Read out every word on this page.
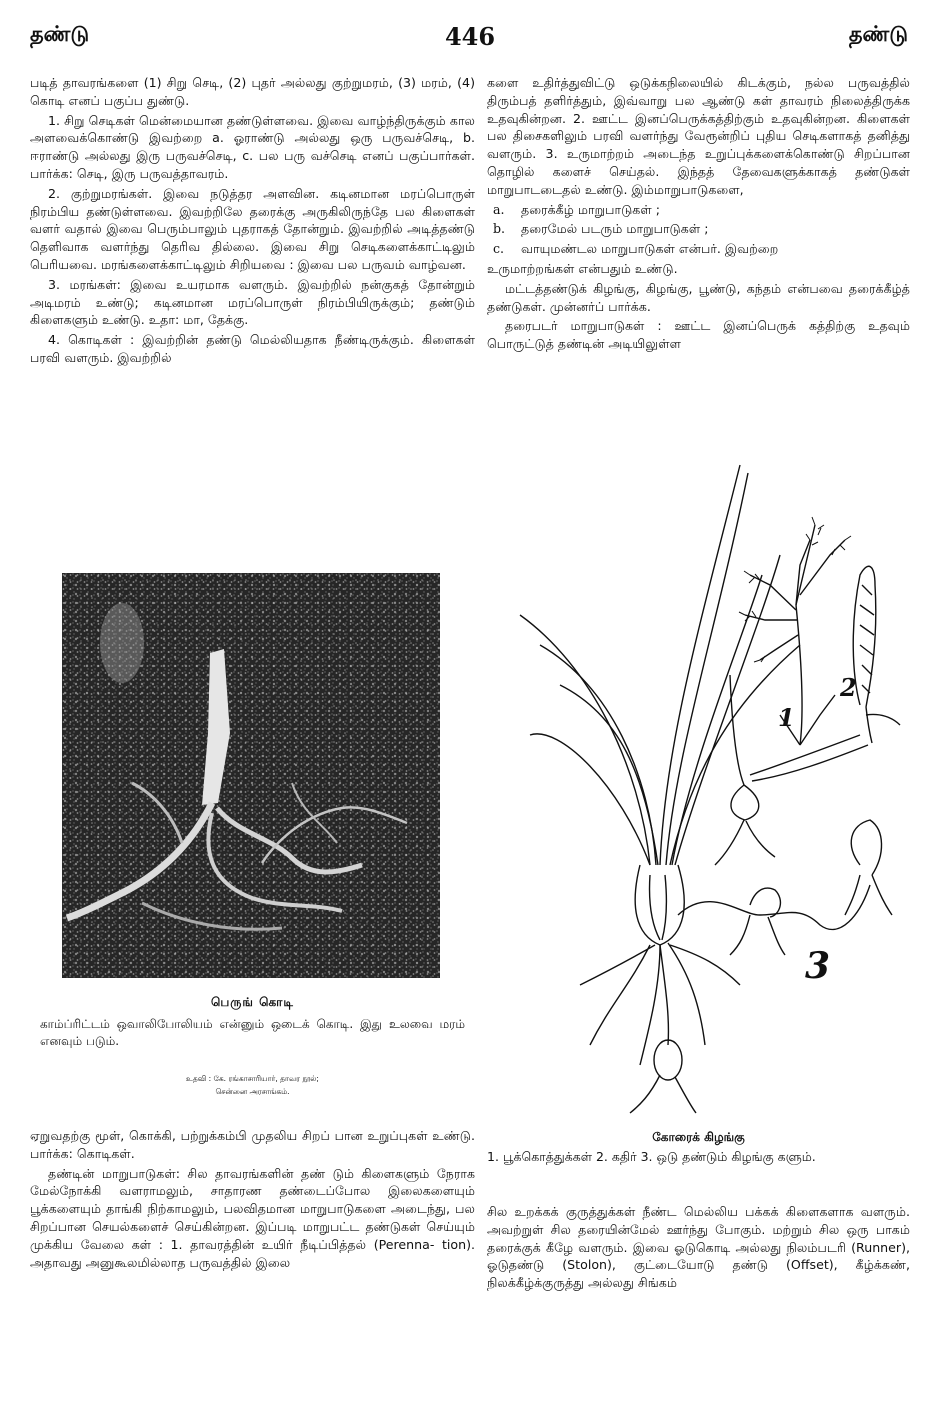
தண்டு	446	தண்டு

படித் தாவரங்களை (1) சிறு செடி, (2) புதர் அல்லது குற்றுமரம், (3) மரம், (4) கொடி எனப் பகுப்ப துண்டு.

1. சிறு செடிகள் மென்மையான தண்டுள்ளவை. இவை வாழ்ந்திருக்கும் கால அளவைக்கொண்டு இவற்றை a. ஓராண்டு அல்லது ஒரு பருவச்செடி, b. ஈராண்டு அல்லது இரு பருவச்செடி, c. பல பரு வச்செடி எனப் பகுப்பார்கள். பார்க்க: செடி, இரு பருவத்தாவரம்.

2. குற்றுமரங்கள். இவை நடுத்தர அளவின. கடினமான மரப்பொருள் நிரம்பிய தண்டுள்ளவை. இவற்றிலே தரைக்கு அருகிலிருந்தே பல கிளைகள் வளர் வதால் இவை பெரும்பாலும் புதராகத் தோன்றும். இவற்றில் அடித்தண்டு தெளிவாக வளர்ந்து தெரிவ தில்லை. இவை சிறு செடிகளைக்காட்டிலும் பெரியவை. மரங்களைக்காட்டிலும் சிறியவை : இவை பல பருவம் வாழ்வன.

3. மரங்கள்: இவை உயரமாக வளரும். இவற்றில் நன்குகத் தோன்றும் அடிமரம் உண்டு; கடினமான மரப்பொருள் நிரம்பியிருக்கும்; தண்டும் கிளைகளும் உண்டு. உதா: மா, தேக்கு.

4. கொடிகள் : இவற்றின் தண்டு மெல்லியதாக நீண்டிருக்கும். கிளைகள் பரவி வளரும். இவற்றில்

களை உதிர்த்துவிட்டு ஒடுக்கநிலையில் கிடக்கும், நல்ல பருவத்தில் திரும்பத் தளிர்த்தும், இவ்வாறு பல ஆண்டு கள் தாவரம் நிலைத்திருக்க உதவுகின்றன. 2. ஊட்ட இனப்பெருக்கத்திற்கும் உதவுகின்றன. கிளைகள் பல திசைகளிலும் பரவி வளர்ந்து வேரூன்றிப் புதிய செடிகளாகத் தனித்து வளரும். 3. உருமாற்றம் அடைந்த உறுப்புக்களைக்கொண்டு சிறப்பான தொழில் களைச் செய்தல். இந்தத் தேவைகளுக்காகத் தண்டுகள் மாறுபாடடைதல் உண்டு. இம்மாறுபாடுகளை,

a. தரைக்கீழ் மாறுபாடுகள் ;
b. தரைமேல் படரும் மாறுபாடுகள் ;
c. வாயுமண்டல மாறுபாடுகள் என்பர். இவற்றை

உருமாற்றங்கள் என்பதும் உண்டு.

மட்டத்தண்டுக் கிழங்கு, கிழங்கு, பூண்டு, கந்தம் என்பவை தரைக்கீழ்த் தண்டுகள். முன்னர்ப் பார்க்க.

தரைபடர் மாறுபாடுகள் : ஊட்ட இனப்பெருக் கத்திற்கு உதவும் பொருட்டுத் தண்டின் அடியிலுள்ள

பெருங் கொடி
காம்ப்ரிட்டம் ஒவாலிபோலியம் என்னும் ஒடைக் கொடி. இது உலவை மரம் எனவும் படும்.
உதவி : கே. ரங்காசாரியார், தாவர நூல்;
சென்னை அரசாங்கம்.
1
2
3
கோரைக் கிழங்கு
1. பூக்கொத்துக்கள் 2. கதிர் 3. ஒடு தண்டும் கிழங்கு களும்.

ஏறுவதற்கு மூள், கொக்கி, பற்றுக்கம்பி முதலிய சிறப் பான உறுப்புகள் உண்டு. பார்க்க: கொடிகள்.

தண்டின் மாறுபாடுகள்: சில தாவரங்களின் தண் டும் கிளைகளும் நேராக மேல்நோக்கி வளராமலும், சாதாரண தண்டைப்போல இலைகளையும் பூக்களையும் தாங்கி நிற்காமலும், பலவிதமான மாறுபாடுகளை அடைந்து, பல சிறப்பான செயல்களைச் செய்கின்றன. இப்படி மாறுபட்ட தண்டுகள் செய்யும் முக்கிய வேலை கள் : 1. தாவரத்தின் உயிர் நீடிப்பித்தல் (Perenna- tion). அதாவது அனுகூலமில்லாத பருவத்தில் இலை

சில உறக்கக் குருத்துக்கள் நீண்ட மெல்லிய பக்கக் கிளைகளாக வளரும். அவற்றுள் சில தரையின்மேல் ஊர்ந்து போகும். மற்றும் சில ஒரு பாகம் தரைக்குக் கீழே வளரும். இவை ஓடுகொடி அல்லது நிலம்படரி (Runner), ஓடுதண்டு (Stolon), குட்டையோடு தண்டு (Offset), கீழ்க்கண், நிலக்கீழ்க்குருத்து அல்லது சிங்கம்
